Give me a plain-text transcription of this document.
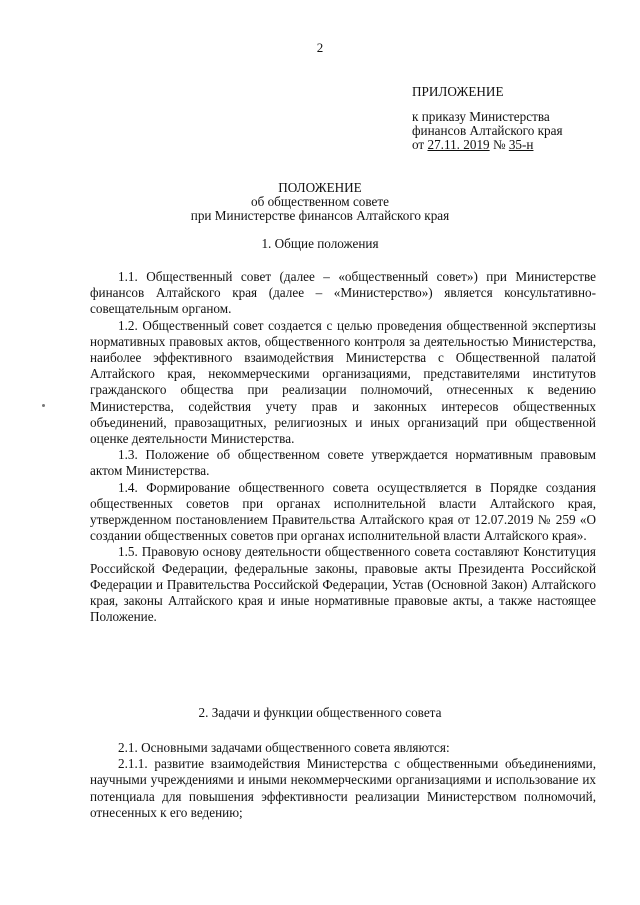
2
ПРИЛОЖЕНИЕ
к приказу Министерства
финансов Алтайского края
от 27.11. 2019 № 35-н
ПОЛОЖЕНИЕ
об общественном совете
при Министерстве финансов Алтайского края
1. Общие положения

1.1. Общественный совет (далее – «общественный совет») при Министерстве финансов Алтайского края (далее – «Министерство») является консультативно-совещательным органом.

1.2. Общественный совет создается с целью проведения общественной экспертизы нормативных правовых актов, общественного контроля за деятельностью Министерства, наиболее эффективного взаимодействия Министерства с Общественной палатой Алтайского края, некоммерческими организациями, представителями институтов гражданского общества при реализации полномочий, отнесенных к ведению Министерства, содействия учету прав и законных интересов общественных объединений, правозащитных, религиозных и иных организаций при общественной оценке деятельности Министерства.

1.3. Положение об общественном совете утверждается нормативным правовым актом Министерства.

1.4. Формирование общественного совета осуществляется в Порядке создания общественных советов при органах исполнительной власти Алтайского края, утвержденном постановлением Правительства Алтайского края от 12.07.2019 № 259 «О создании общественных советов при органах исполнительной власти Алтайского края».

1.5. Правовую основу деятельности общественного совета составляют Конституция Российской Федерации, федеральные законы, правовые акты Президента Российской Федерации и Правительства Российской Федерации, Устав (Основной Закон) Алтайского края, законы Алтайского края и иные нормативные правовые акты, а также настоящее Положение.

2. Задачи и функции общественного совета

2.1. Основными задачами общественного совета являются:

2.1.1. развитие взаимодействия Министерства с общественными объединениями, научными учреждениями и иными некоммерческими организациями и использование их потенциала для повышения эффективности реализации Министерством полномочий, отнесенных к его ведению;
